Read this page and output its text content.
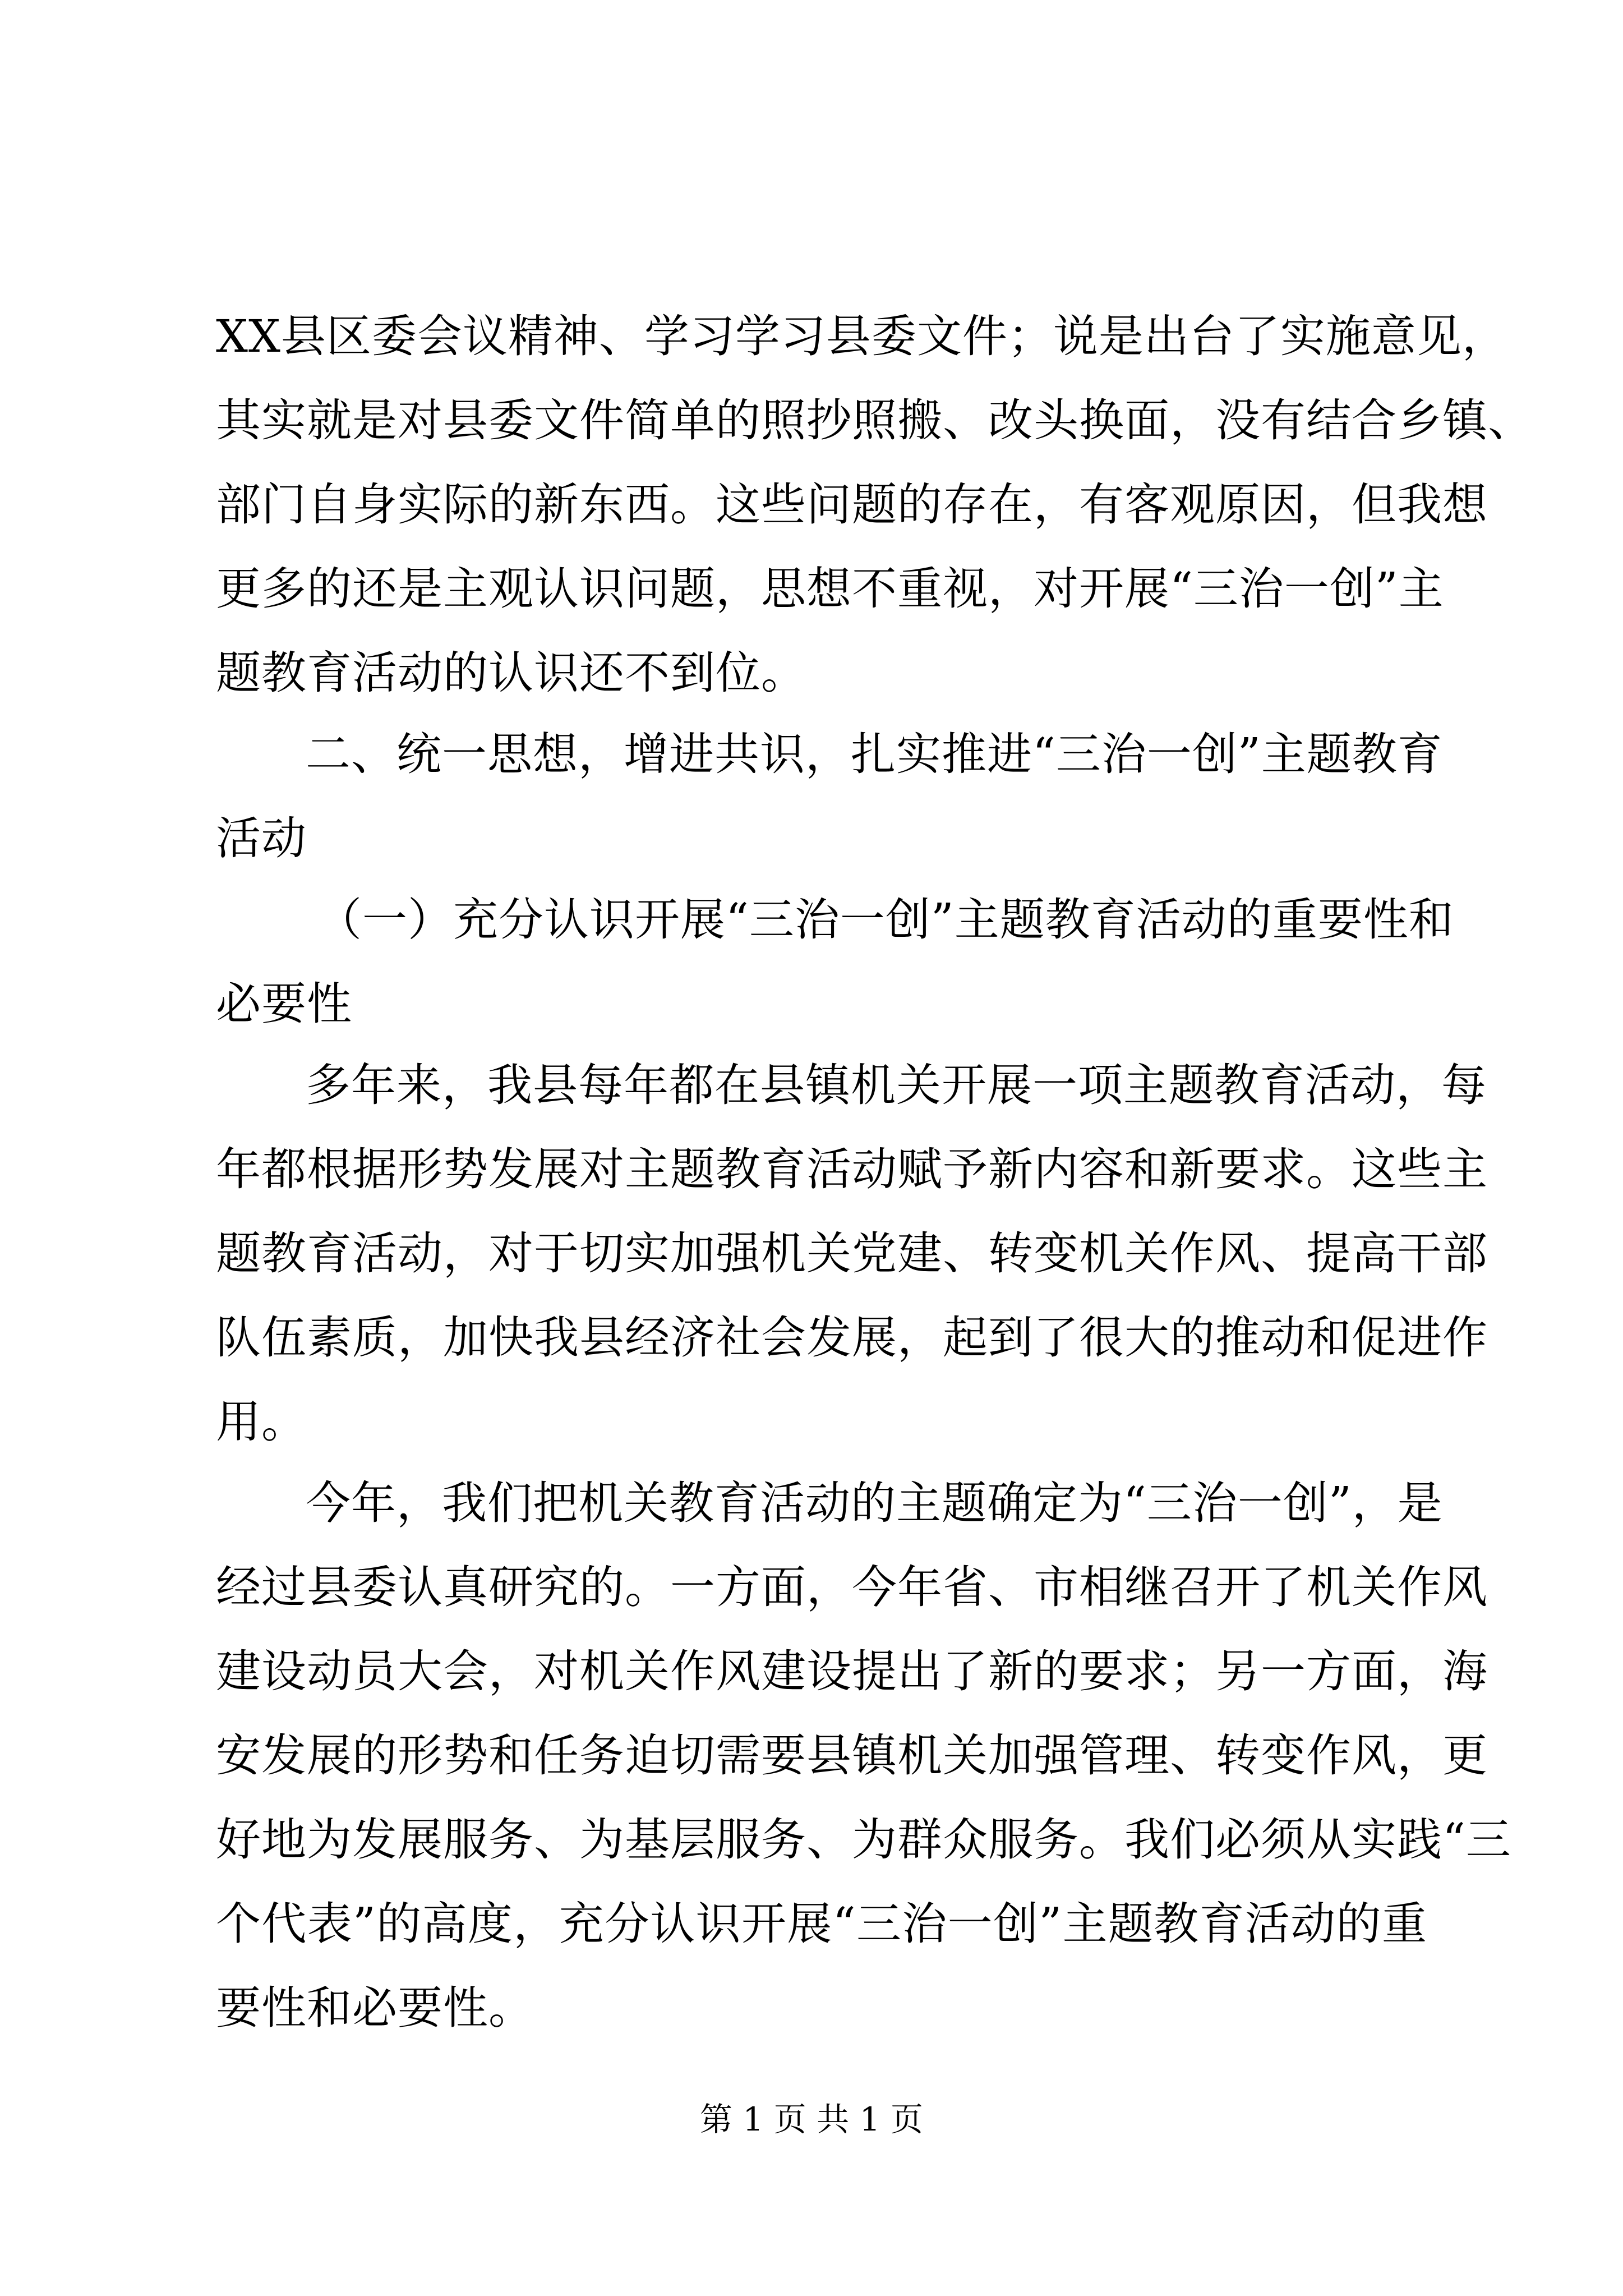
XX县区委会议精神、学习学习县委文件；说是出台了实施意见，
其实就是对县委文件简单的照抄照搬、改头换面，没有结合乡镇、
部门自身实际的新东西。这些问题的存在，有客观原因，但我想
更多的还是主观认识问题，思想不重视，对开展“三治一创”主
题教育活动的认识还不到位。
二、统一思想，增进共识，扎实推进“三治一创”主题教育
活动
（一）充分认识开展“三治一创”主题教育活动的重要性和
必要性
多年来，我县每年都在县镇机关开展一项主题教育活动，每
年都根据形势发展对主题教育活动赋予新内容和新要求。这些主
题教育活动，对于切实加强机关党建、转变机关作风、提高干部
队伍素质，加快我县经济社会发展，起到了很大的推动和促进作
用。
今年，我们把机关教育活动的主题确定为“三治一创”，是
经过县委认真研究的。一方面，今年省、市相继召开了机关作风
建设动员大会，对机关作风建设提出了新的要求；另一方面，海
安发展的形势和任务迫切需要县镇机关加强管理、转变作风，更
好地为发展服务、为基层服务、为群众服务。我们必须从实践“三
个代表”的高度，充分认识开展“三治一创”主题教育活动的重
要性和必要性。
第 1 页 共 1 页
